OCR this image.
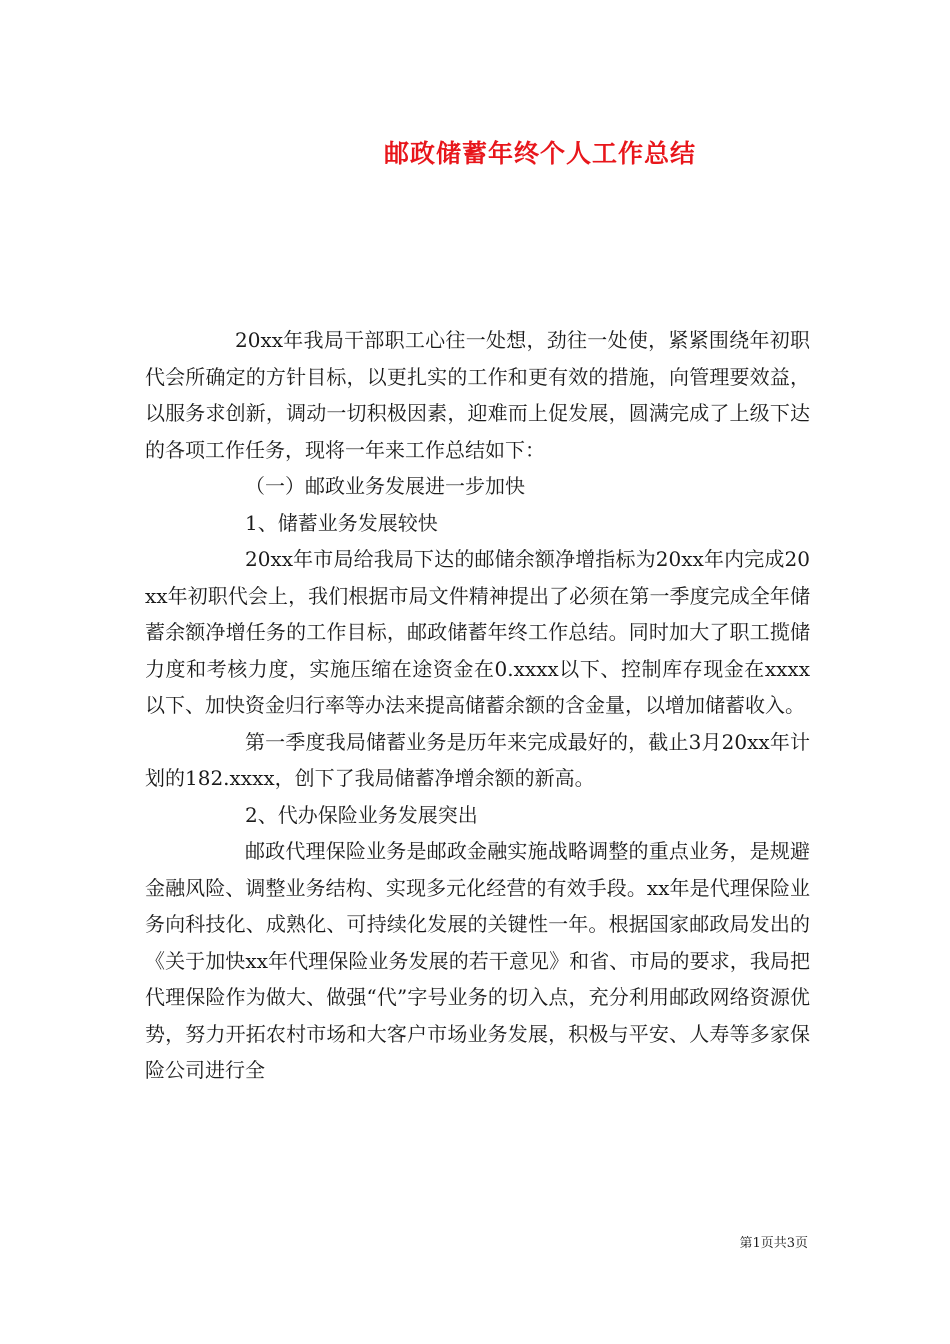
邮政储蓄年终个人工作总结

20xx年我局干部职工心往一处想，劲往一处使，紧紧围绕年初职代会所确定的方针目标，以更扎实的工作和更有效的措施，向管理要效益，以服务求创新，调动一切积极因素，迎难而上促发展，圆满完成了上级下达的各项工作任务，现将一年来工作总结如下：

（一）邮政业务发展进一步加快

1、储蓄业务发展较快

20xx年市局给我局下达的邮储余额净增指标为20xx年内完成20xx年初职代会上，我们根据市局文件精神提出了必须在第一季度完成全年储蓄余额净增任务的工作目标，邮政储蓄年终工作总结。同时加大了职工揽储力度和考核力度，实施压缩在途资金在0.xxxx以下、控制库存现金在xxxx以下、加快资金归行率等办法来提高储蓄余额的含金量，以增加储蓄收入。

第一季度我局储蓄业务是历年来完成最好的，截止3月20xx年计划的182.xxxx，创下了我局储蓄净增余额的新高。

2、代办保险业务发展突出

邮政代理保险业务是邮政金融实施战略调整的重点业务，是规避金融风险、调整业务结构、实现多元化经营的有效手段。xx年是代理保险业务向科技化、成熟化、可持续化发展的关键性一年。根据国家邮政局发出的《关于加快xx年代理保险业务发展的若干意见》和省、市局的要求，我局把代理保险作为做大、做强“代”字号业务的切入点，充分利用邮政网络资源优势，努力开拓农村市场和大客户市场业务发展，积极与平安、人寿等多家保险公司进行全

第1页共3页
